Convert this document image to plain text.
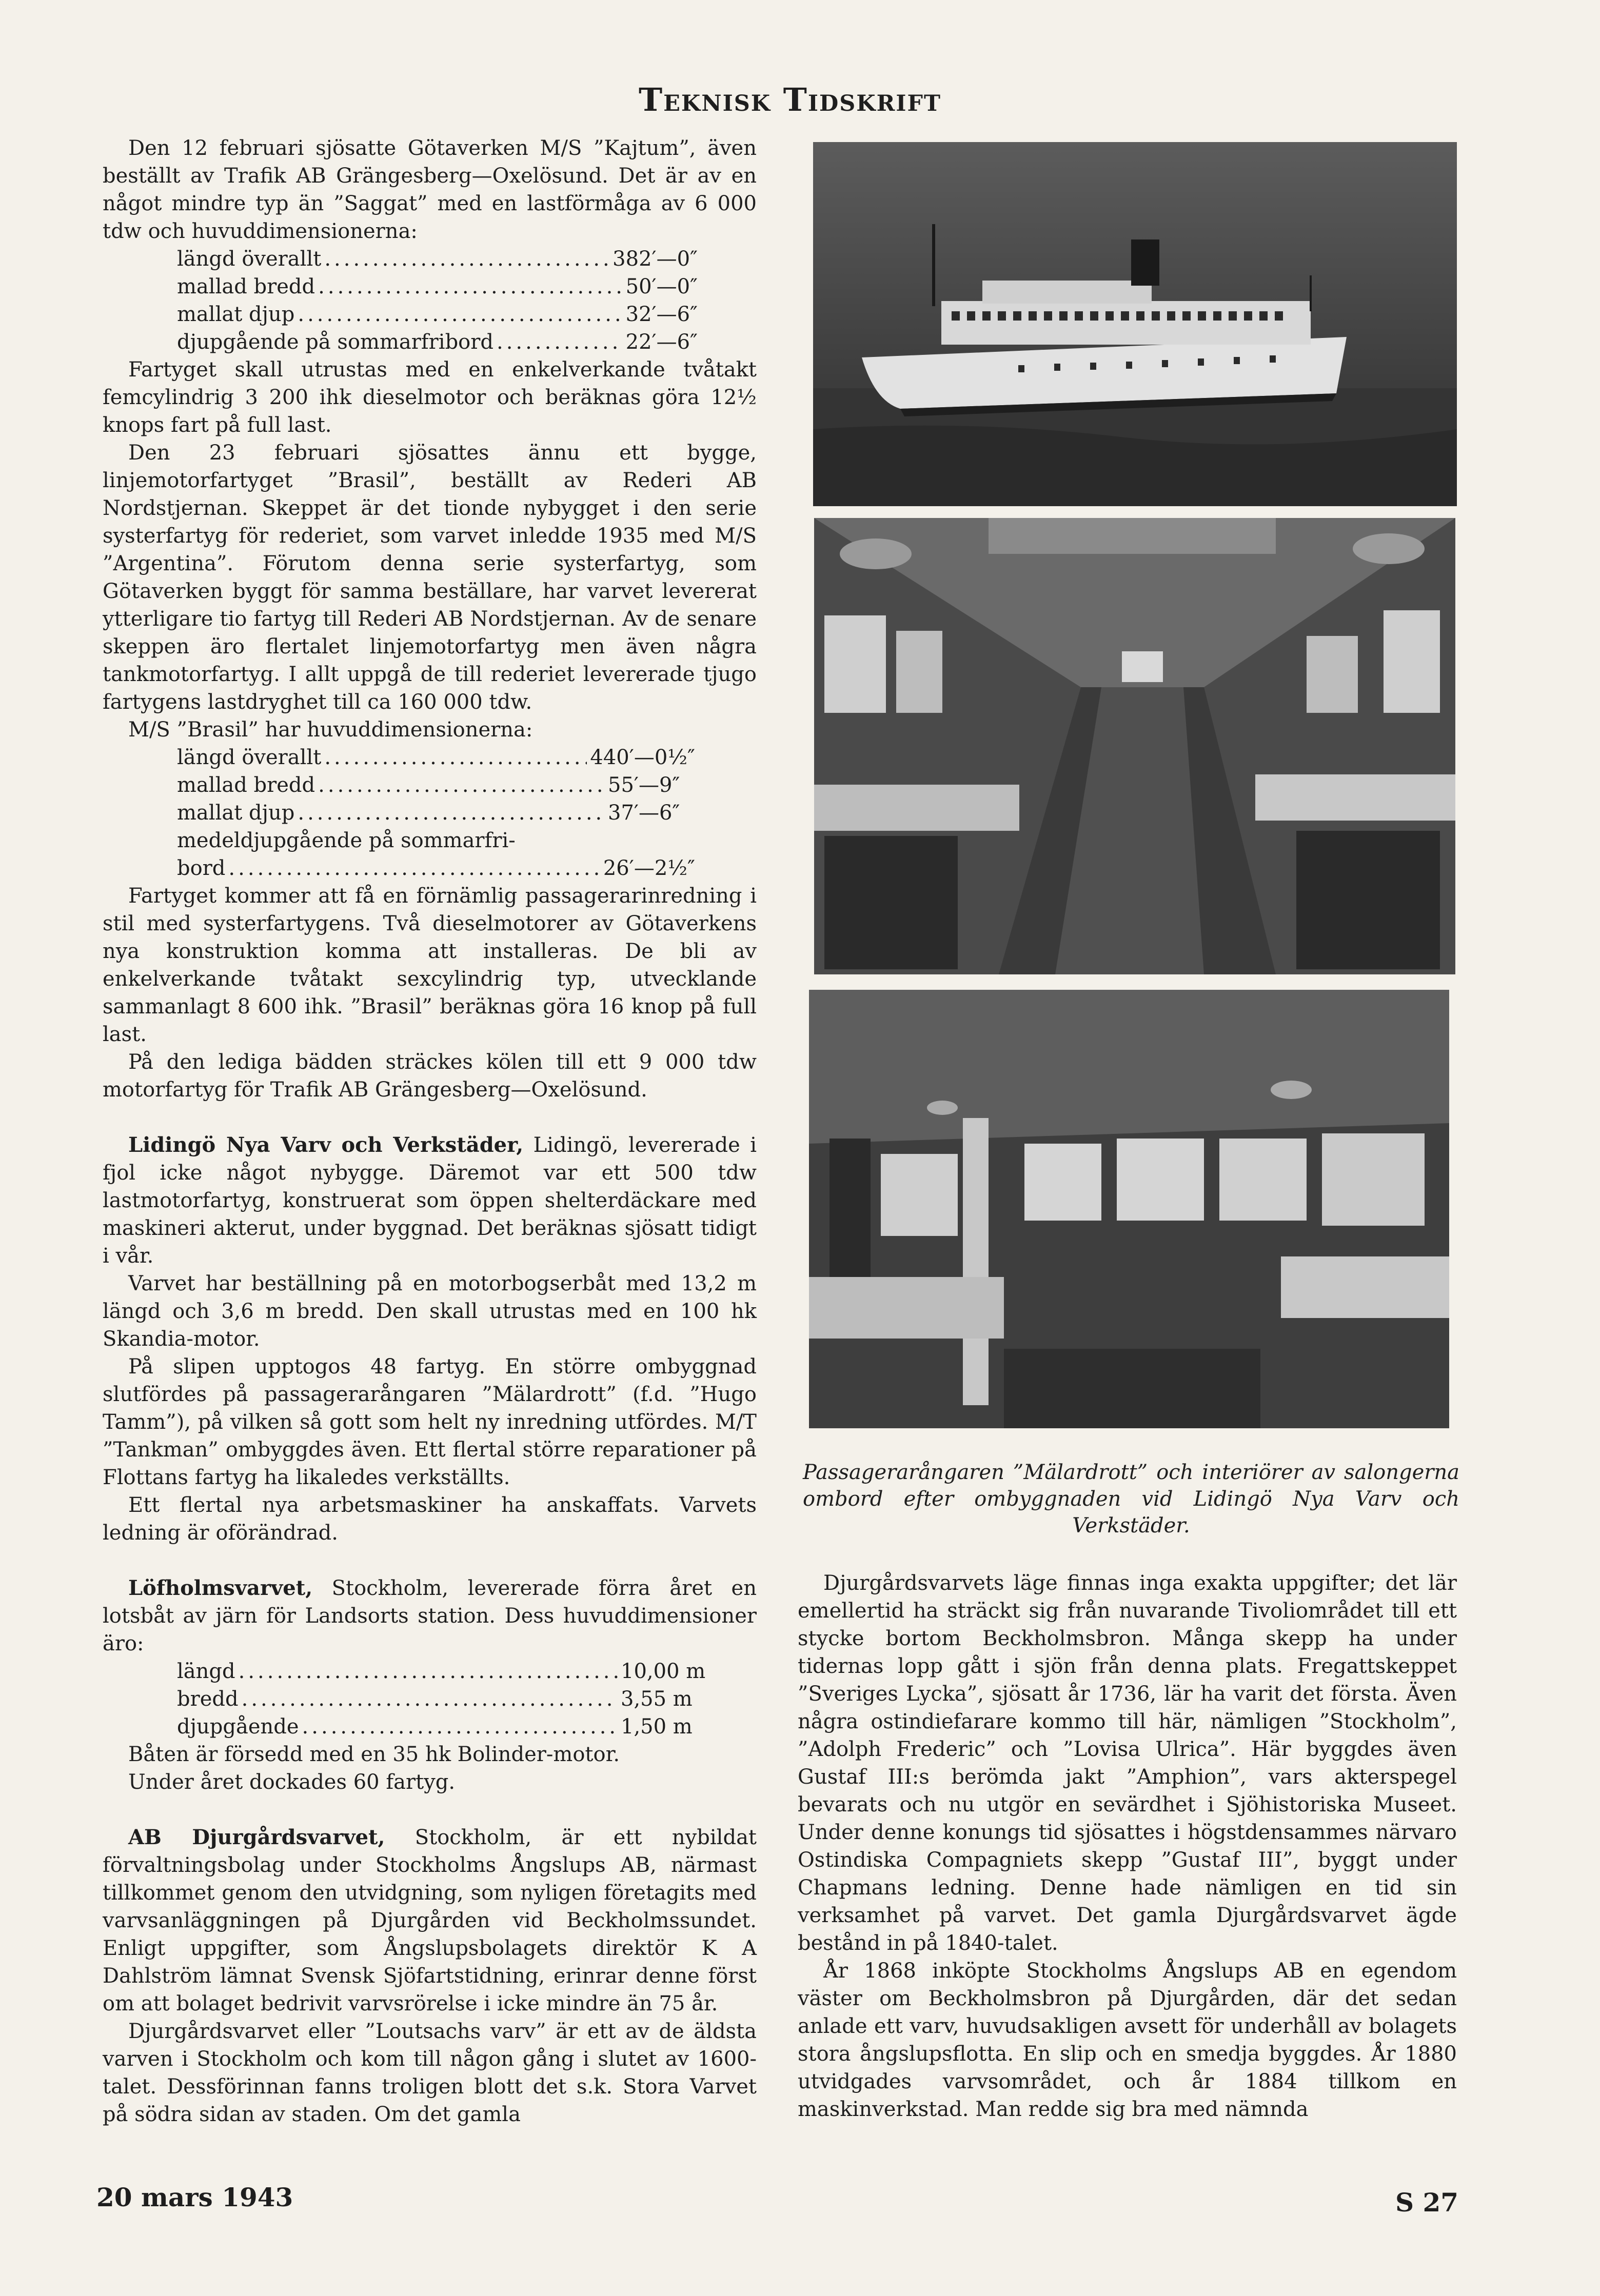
Teknisk Tidskrift

Den 12 februari sjösatte Götaverken M/S ”Kajtum”, även beställt av Trafik AB Grängesberg—Oxelösund. Det är av en något mindre typ än ”Saggat” med en lastförmåga av 6 000 tdw och huvuddimensionerna:

längd överallt .....	382′—0″
mallad bredd .....	50′—0″
mallat djup .....	32′—6″
djupgående på sommarfribord .....	22′—6″

Fartyget skall utrustas med en enkelverkande tvåtakt femcylindrig 3 200 ihk dieselmotor och beräknas göra 12½ knops fart på full last.

Den 23 februari sjösattes ännu ett bygge, linjemotorfartyget ”Brasil”, beställt av Rederi AB Nordstjernan. Skeppet är det tionde nybygget i den serie systerfartyg för rederiet, som varvet inledde 1935 med M/S ”Argentina”. Förutom denna serie systerfartyg, som Götaverken byggt för samma beställare, har varvet levererat ytterligare tio fartyg till Rederi AB Nordstjernan. Av de senare skeppen äro flertalet linjemotorfartyg men även några tankmotorfartyg. I allt uppgå de till rederiet levererade tjugo fartygens lastdryghet till ca 160 000 tdw.

M/S ”Brasil” har huvuddimensionerna:

längd överallt .....	440′—0½″
mallad bredd .....	55′—9″
mallat djup .....	37′—6″
medeldjupgående på sommarfri-
bord .....	26′—2½″

Fartyget kommer att få en förnämlig passagerarinredning i stil med systerfartygens. Två dieselmotorer av Götaverkens nya konstruktion komma att installeras. De bli av enkelverkande tvåtakt sexcylindrig typ, utvecklande sammanlagt 8 600 ihk. ”Brasil” beräknas göra 16 knop på full last.

På den lediga bädden sträckes kölen till ett 9 000 tdw motorfartyg för Trafik AB Grängesberg—Oxelösund.

Lidingö Nya Varv och Verkstäder, Lidingö, levererade i fjol icke något nybygge. Däremot var ett 500 tdw lastmotorfartyg, konstruerat som öppen shelterdäckare med maskineri akterut, under byggnad. Det beräknas sjösatt tidigt i vår.

Varvet har beställning på en motorbogserbåt med 13,2 m längd och 3,6 m bredd. Den skall utrustas med en 100 hk Skandia-motor.

På slipen upptogos 48 fartyg. En större ombyggnad slutfördes på passagerarångaren ”Mälardrott” (f.d. ”Hugo Tamm”), på vilken så gott som helt ny inredning utfördes. M/T ”Tankman” ombyggdes även. Ett flertal större reparationer på Flottans fartyg ha likaledes verkställts.

Ett flertal nya arbetsmaskiner ha anskaffats. Varvets ledning är oförändrad.

Löfholmsvarvet, Stockholm, levererade förra året en lotsbåt av järn för Landsorts station. Dess huvuddimensioner äro:

längd .....	10,00 m
bredd .....	3,55 m
djupgående .....	1,50 m

Båten är försedd med en 35 hk Bolinder-motor.

Under året dockades 60 fartyg.

AB Djurgårdsvarvet, Stockholm, är ett nybildat förvaltningsbolag under Stockholms Ångslups AB, närmast tillkommet genom den utvidgning, som nyligen företagits med varvsanläggningen på Djurgården vid Beckholmssundet. Enligt uppgifter, som Ångslupsbolagets direktör K A Dahlström lämnat Svensk Sjöfartstidning, erinrar denne först om att bolaget bedrivit varvsrörelse i icke mindre än 75 år.

Djurgårdsvarvet eller ”Loutsachs varv” är ett av de äldsta varven i Stockholm och kom till någon gång i slutet av 1600-talet. Dessförinnan fanns troligen blott det s.k. Stora Varvet på södra sidan av staden. Om det gamla

Passagerarångaren ”Mälardrott” och interiörer av salongerna ombord efter ombyggnaden vid Lidingö Nya Varv och Verkstäder.

Djurgårdsvarvets läge finnas inga exakta uppgifter; det lär emellertid ha sträckt sig från nuvarande Tivoliområdet till ett stycke bortom Beckholmsbron. Många skepp ha under tidernas lopp gått i sjön från denna plats. Fregattskeppet ”Sveriges Lycka”, sjösatt år 1736, lär ha varit det första. Även några ostindiefarare kommo till här, nämligen ”Stockholm”, ”Adolph Frederic” och ”Lovisa Ulrica”. Här byggdes även Gustaf III:s berömda jakt ”Amphion”, vars akterspegel bevarats och nu utgör en sevärdhet i Sjöhistoriska Museet. Under denne konungs tid sjösattes i högstdensammes närvaro Ostindiska Compagniets skepp ”Gustaf III”, byggt under Chapmans ledning. Denne hade nämligen en tid sin verksamhet på varvet. Det gamla Djurgårdsvarvet ägde bestånd in på 1840-talet.

År 1868 inköpte Stockholms Ångslups AB en egendom väster om Beckholmsbron på Djurgården, där det sedan anlade ett varv, huvudsakligen avsett för underhåll av bolagets stora ångslupsflotta. En slip och en smedja byggdes. År 1880 utvidgades varvsområdet, och år 1884 tillkom en maskinverkstad. Man redde sig bra med nämnda

20 mars 1943	S 27
